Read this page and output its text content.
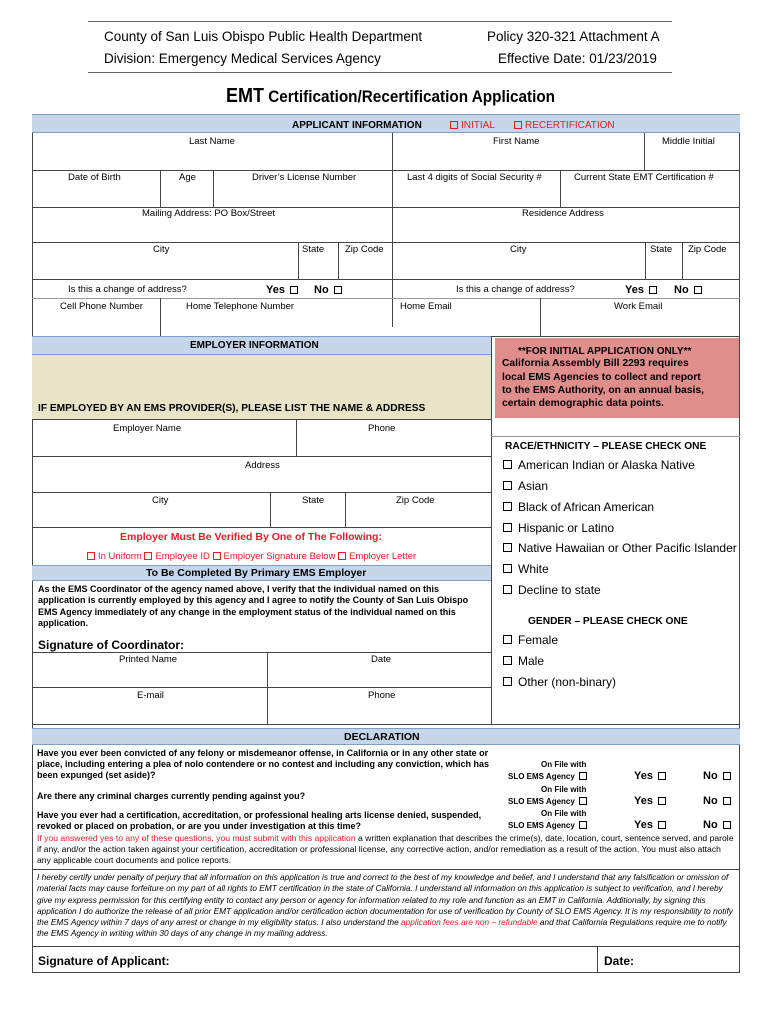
County of San Luis Obispo Public Health Department
Division: Emergency Medical Services Agency
Policy 320-321 Attachment A
Effective Date: 01/23/2019
EMT Certification/Recertification Application
APPLICANT INFORMATION	INITIAL	RECERTIFICATION
Last Name	First Name	Middle Initial
Date of Birth	Age	Driver’s License Number	Last 4 digits of Social Security #	Current State EMT Certification #
Mailing Address: PO Box/Street	Residence Address
City	State Zip Code	City	State Zip Code
Is this a change of address?	Yes	No	Is this a change of address?	Yes	No
Cell Phone Number	Home Telephone Number	Home Email	Work Email
EMPLOYER INFORMATION
IF EMPLOYED BY AN EMS PROVIDER(S), PLEASE LIST THE NAME & ADDRESS
**FOR INITIAL APPLICATION ONLY**
California Assembly Bill 2293 requires
local EMS Agencies to collect and report
to the EMS Authority, on an annual basis,
certain demographic data points.
Employer Name	Phone
Address
City	State	Zip Code
Employer Must Be Verified By One of The Following:
In Uniform Employee ID Employer Signature Below Employer Letter
To Be Completed By Primary EMS Employer
As the EMS Coordinator of the agency named above, I verify that the individual named on this application is currently employed by this agency and I agree to notify the County of San Luis Obispo EMS Agency immediately of any change in the employment status of the individual named on this application.
Signature of Coordinator:
Printed Name	Date
E-mail	Phone
RACE/ETHNICITY – PLEASE CHECK ONE
American Indian or Alaska Native
Asian
Black of African American
Hispanic or Latino
Native Hawaiian or Other Pacific Islander
White
Decline to state
GENDER – PLEASE CHECK ONE
Female
Male
Other (non-binary)
DECLARATION
Have you ever been convicted of any felony or misdemeanor offense, in California or in any other state or place, including entering a plea of nolo contendere or no contest and including any conviction, which has been expunged (set aside)?
On File with
SLO EMS Agency	Yes	No
Are there any criminal charges currently pending against you?
On File with
SLO EMS Agency	Yes	No
Have you ever had a certification, accreditation, or professional healing arts license denied, suspended, revoked or placed on probation, or are you under investigation at this time?
On File with
SLO EMS Agency	Yes	No
If you answered yes to any of these questions, you must submit with this application a written explanation that describes the crime(s), date, location, court, sentence served, and parole if any, and/or the action taken against your certification, accreditation or professional license, any corrective action, and/or remediation as a result of the action. You must also attach any applicable court documents and police reports.
I hereby certify under penalty of perjury that all information on this application is true and correct to the best of my knowledge and belief, and I understand that any falsification or omission of material facts may cause forfeiture on my part of all rights to EMT certification in the state of California. I understand all information on this application is subject to verification, and I hereby give my express permission for this certifying entity to contact any person or agency for information related to my role and function as an EMT in California. Additionally, by signing this application I do authorize the release of all prior EMT application and/or certification action documentation for use of verification by County of SLO EMS Agency. It is my responsibility to notify the EMS Agency within 7 days of any arrest or change in my eligibility status. I also understand the application fees are non – refundable and that California Regulations require me to notify the EMS Agency in writing within 30 days of any change in my mailing address.
Signature of Applicant:	Date:
